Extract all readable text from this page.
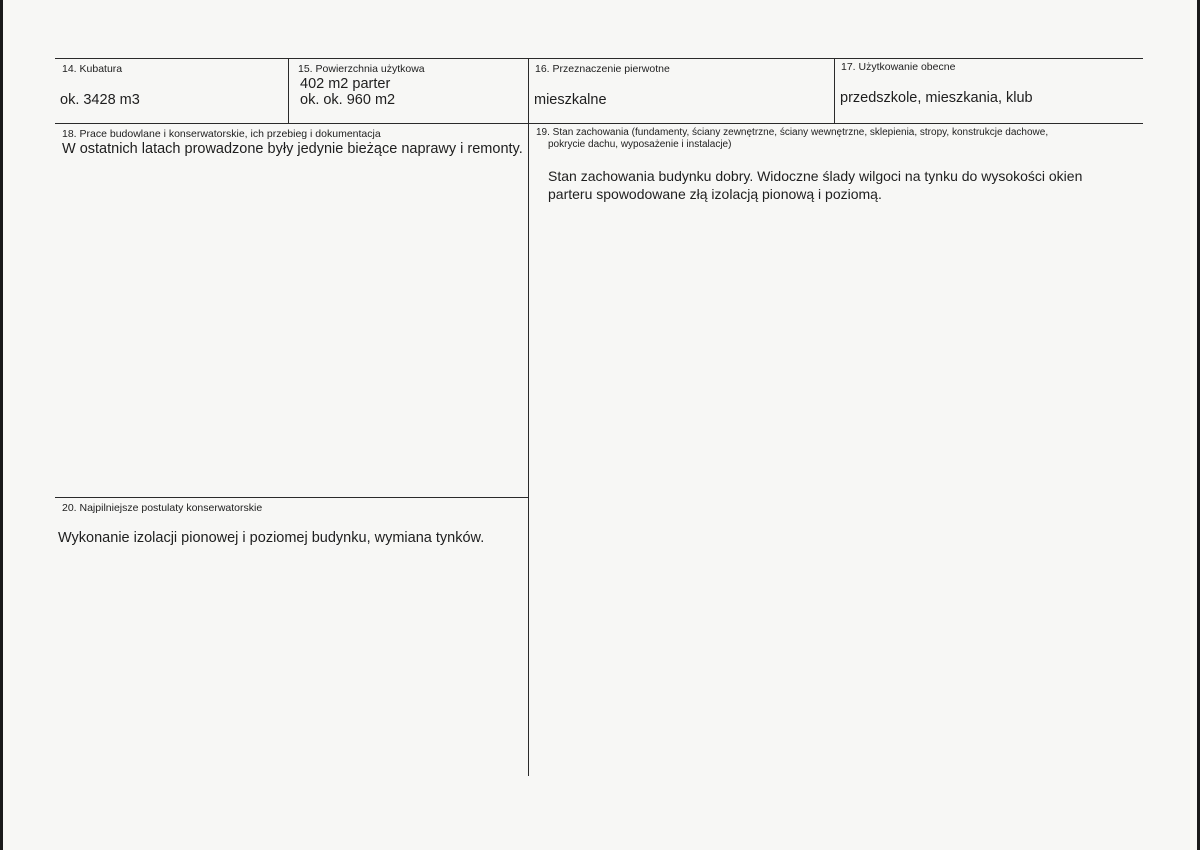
14. Kubatura
ok. 3428 m3
15. Powierzchnia użytkowa
402 m2 parter
ok. ok. 960 m2
16. Przeznaczenie pierwotne
mieszkalne
17. Użytkowanie obecne
przedszkole, mieszkania, klub
18. Prace budowlane i konserwatorskie, ich przebieg i dokumentacja
W ostatnich latach prowadzone były jedynie bieżące naprawy i remonty.
19. Stan zachowania (fundamenty, ściany zewnętrzne, ściany wewnętrzne, sklepienia, stropy, konstrukcje dachowe,
pokrycie dachu, wyposażenie i instalacje)
Stan zachowania budynku dobry. Widoczne ślady wilgoci na tynku do wysokości okien
parteru spowodowane złą izolacją pionową i poziomą.
20. Najpilniejsze postulaty konserwatorskie
Wykonanie izolacji pionowej i poziomej budynku, wymiana tynków.
